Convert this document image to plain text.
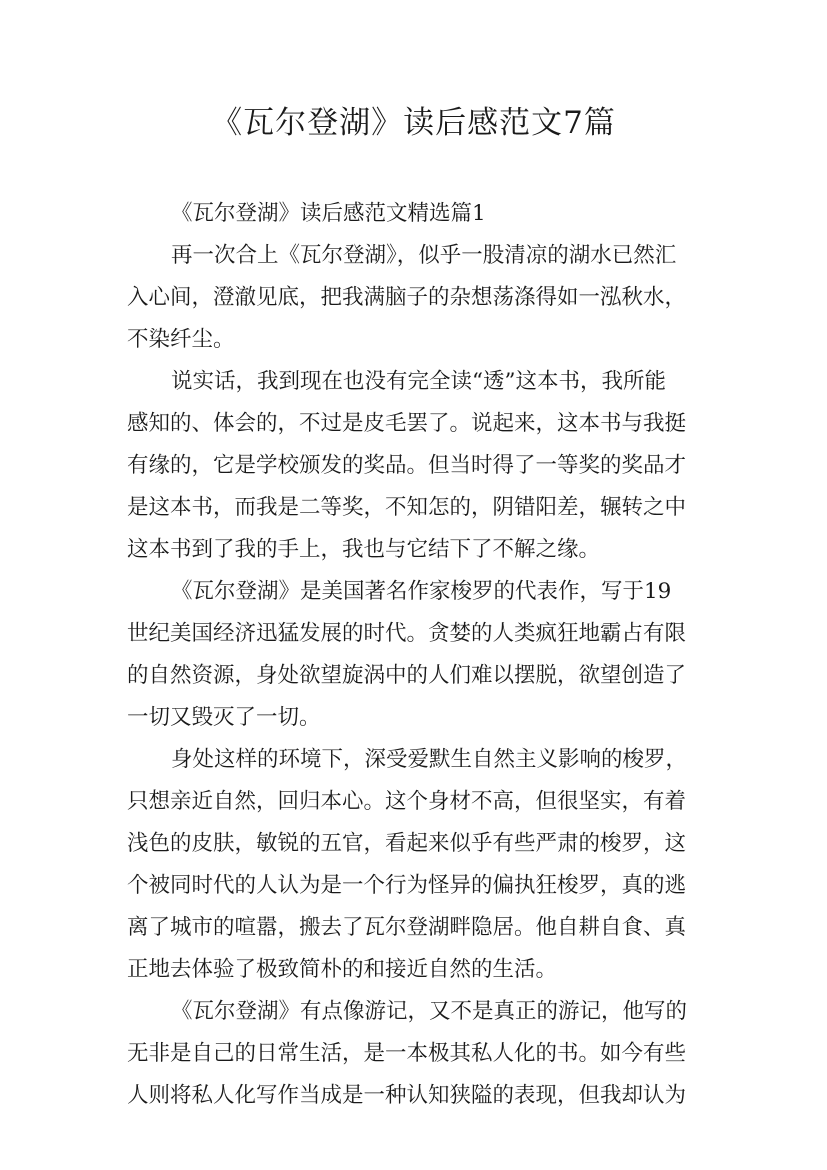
《瓦尔登湖》读后感范文7篇

《瓦尔登湖》读后感范文精选篇1

再一次合上《瓦尔登湖》，似乎一股清凉的湖水已然汇

入心间，澄澈见底，把我满脑子的杂想荡涤得如一泓秋水，

不染纤尘。

说实话，我到现在也没有完全读“透”这本书，我所能

感知的、体会的，不过是皮毛罢了。说起来，这本书与我挺

有缘的，它是学校颁发的奖品。但当时得了一等奖的奖品才

是这本书，而我是二等奖，不知怎的，阴错阳差，辗转之中

这本书到了我的手上，我也与它结下了不解之缘。

《瓦尔登湖》是美国著名作家梭罗的代表作，写于19

世纪美国经济迅猛发展的时代。贪婪的人类疯狂地霸占有限

的自然资源，身处欲望旋涡中的人们难以摆脱，欲望创造了

一切又毁灭了一切。

身处这样的环境下，深受爱默生自然主义影响的梭罗，

只想亲近自然，回归本心。这个身材不高，但很坚实，有着

浅色的皮肤，敏锐的五官，看起来似乎有些严肃的梭罗，这

个被同时代的人认为是一个行为怪异的偏执狂梭罗，真的逃

离了城市的喧嚣，搬去了瓦尔登湖畔隐居。他自耕自食、真

正地去体验了极致简朴的和接近自然的生活。

《瓦尔登湖》有点像游记，又不是真正的游记，他写的

无非是自己的日常生活，是一本极其私人化的书。如今有些

人则将私人化写作当成是一种认知狭隘的表现，但我却认为
